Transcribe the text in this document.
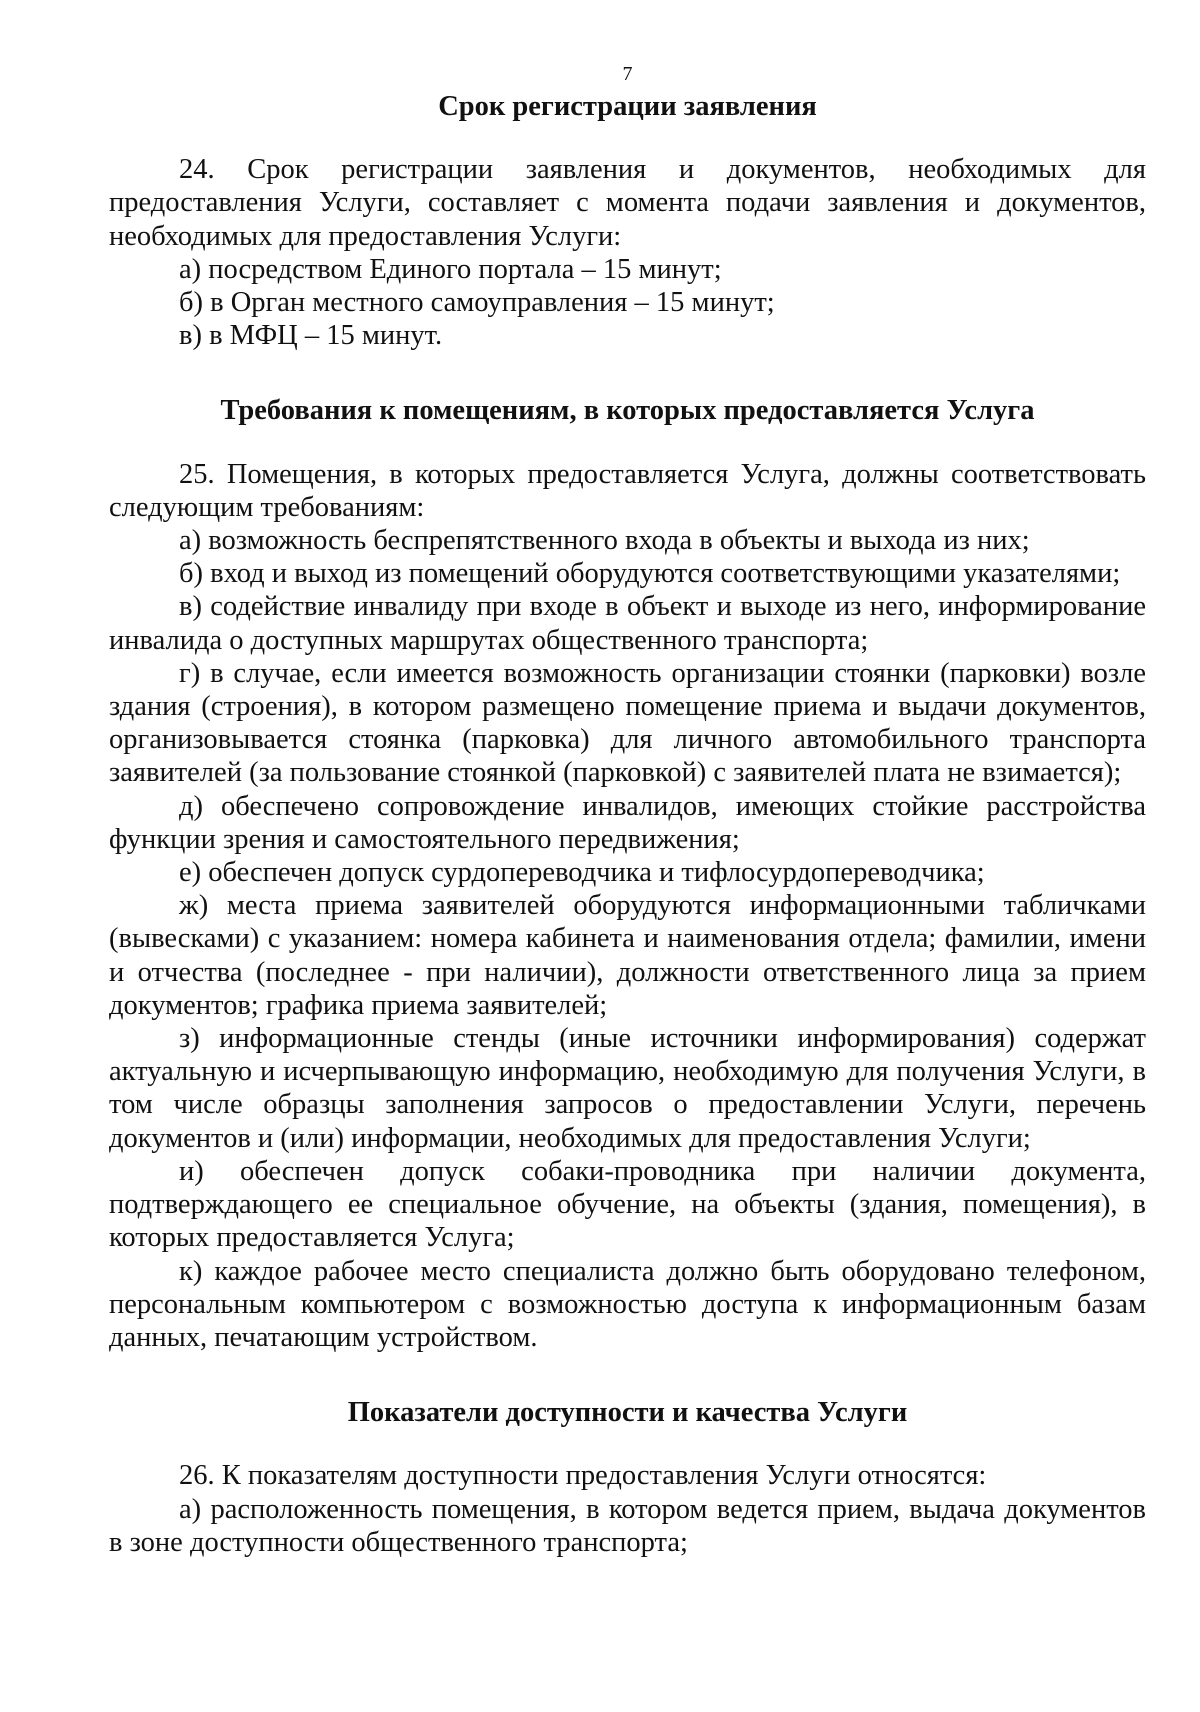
7
Срок регистрации заявления

24. Срок регистрации заявления и документов, необходимых для предоставления Услуги, составляет с момента подачи заявления и документов, необходимых для предоставления Услуги:

а) посредством Единого портала – 15 минут;

б) в Орган местного самоуправления – 15 минут;

в) в МФЦ – 15 минут.

Требования к помещениям, в которых предоставляется Услуга

25. Помещения, в которых предоставляется Услуга, должны соответствовать следующим требованиям:

а) возможность беспрепятственного входа в объекты и выхода из них;

б) вход и выход из помещений оборудуются соответствующими указателями;

в) содействие инвалиду при входе в объект и выходе из него, информирование инвалида о доступных маршрутах общественного транспорта;

г) в случае, если имеется возможность организации стоянки (парковки) возле здания (строения), в котором размещено помещение приема и выдачи документов, организовывается стоянка (парковка) для личного автомобильного транспорта заявителей (за пользование стоянкой (парковкой) с заявителей плата не взимается);

д) обеспечено сопровождение инвалидов, имеющих стойкие расстройства функции зрения и самостоятельного передвижения;

е) обеспечен допуск сурдопереводчика и тифлосурдопереводчика;

ж) места приема заявителей оборудуются информационными табличками (вывесками) с указанием: номера кабинета и наименования отдела; фамилии, имени и отчества (последнее - при наличии), должности ответственного лица за прием документов; графика приема заявителей;

з) информационные стенды (иные источники информирования) содержат актуальную и исчерпывающую информацию, необходимую для получения Услуги, в том числе образцы заполнения запросов о предоставлении Услуги, перечень документов и (или) информации, необходимых для предоставления Услуги;

и) обеспечен допуск собаки-проводника при наличии документа, подтверждающего ее специальное обучение, на объекты (здания, помещения), в которых предоставляется Услуга;

к) каждое рабочее место специалиста должно быть оборудовано телефоном, персональным компьютером с возможностью доступа к информационным базам данных, печатающим устройством.

Показатели доступности и качества Услуги

26. К показателям доступности предоставления Услуги относятся:

а) расположенность помещения, в котором ведется прием, выдача документов в зоне доступности общественного транспорта;
